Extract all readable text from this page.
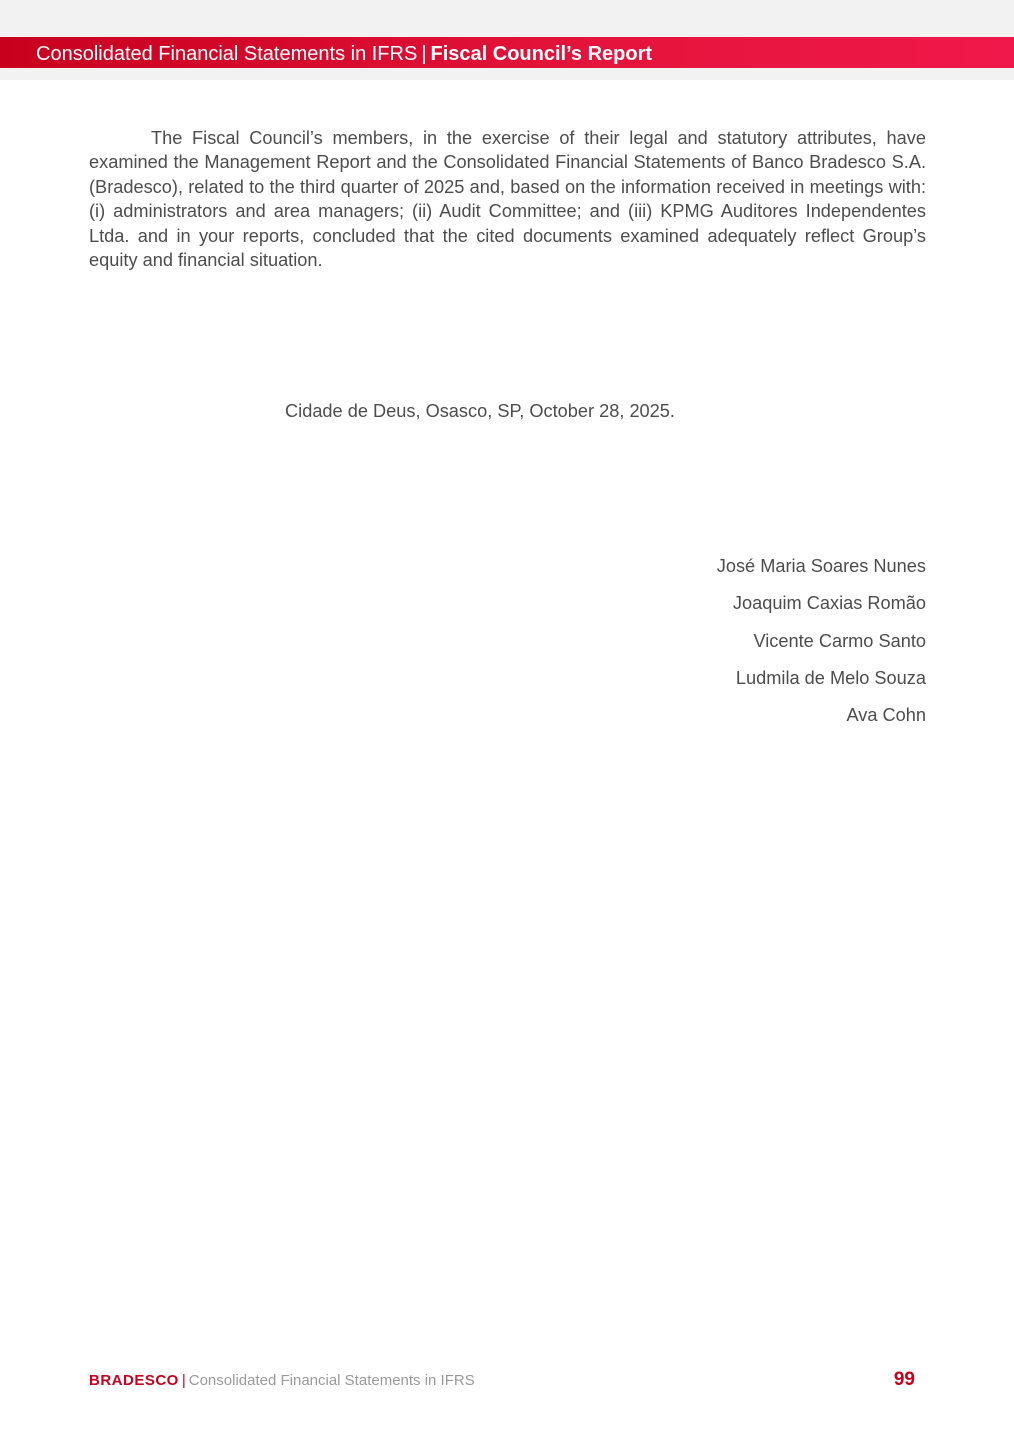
Consolidated Financial Statements in IFRS | Fiscal Council’s Report

The Fiscal Council’s members, in the exercise of their legal and statutory attributes, have examined the Management Report and the Consolidated Financial Statements of Banco Bradesco S.A. (Bradesco), related to the third quarter of 2025 and, based on the information received in meetings with: (i) administrators and area managers; (ii) Audit Committee; and (iii) KPMG Auditores Independentes Ltda. and in your reports, concluded that the cited documents examined adequately reflect Group’s equity and financial situation.

Cidade de Deus, Osasco, SP, October 28, 2025.
José Maria Soares Nunes
Joaquim Caxias Romão
Vicente Carmo Santo
Ludmila de Melo Souza
Ava Cohn
BRADESCO | Consolidated Financial Statements in IFRS	99
